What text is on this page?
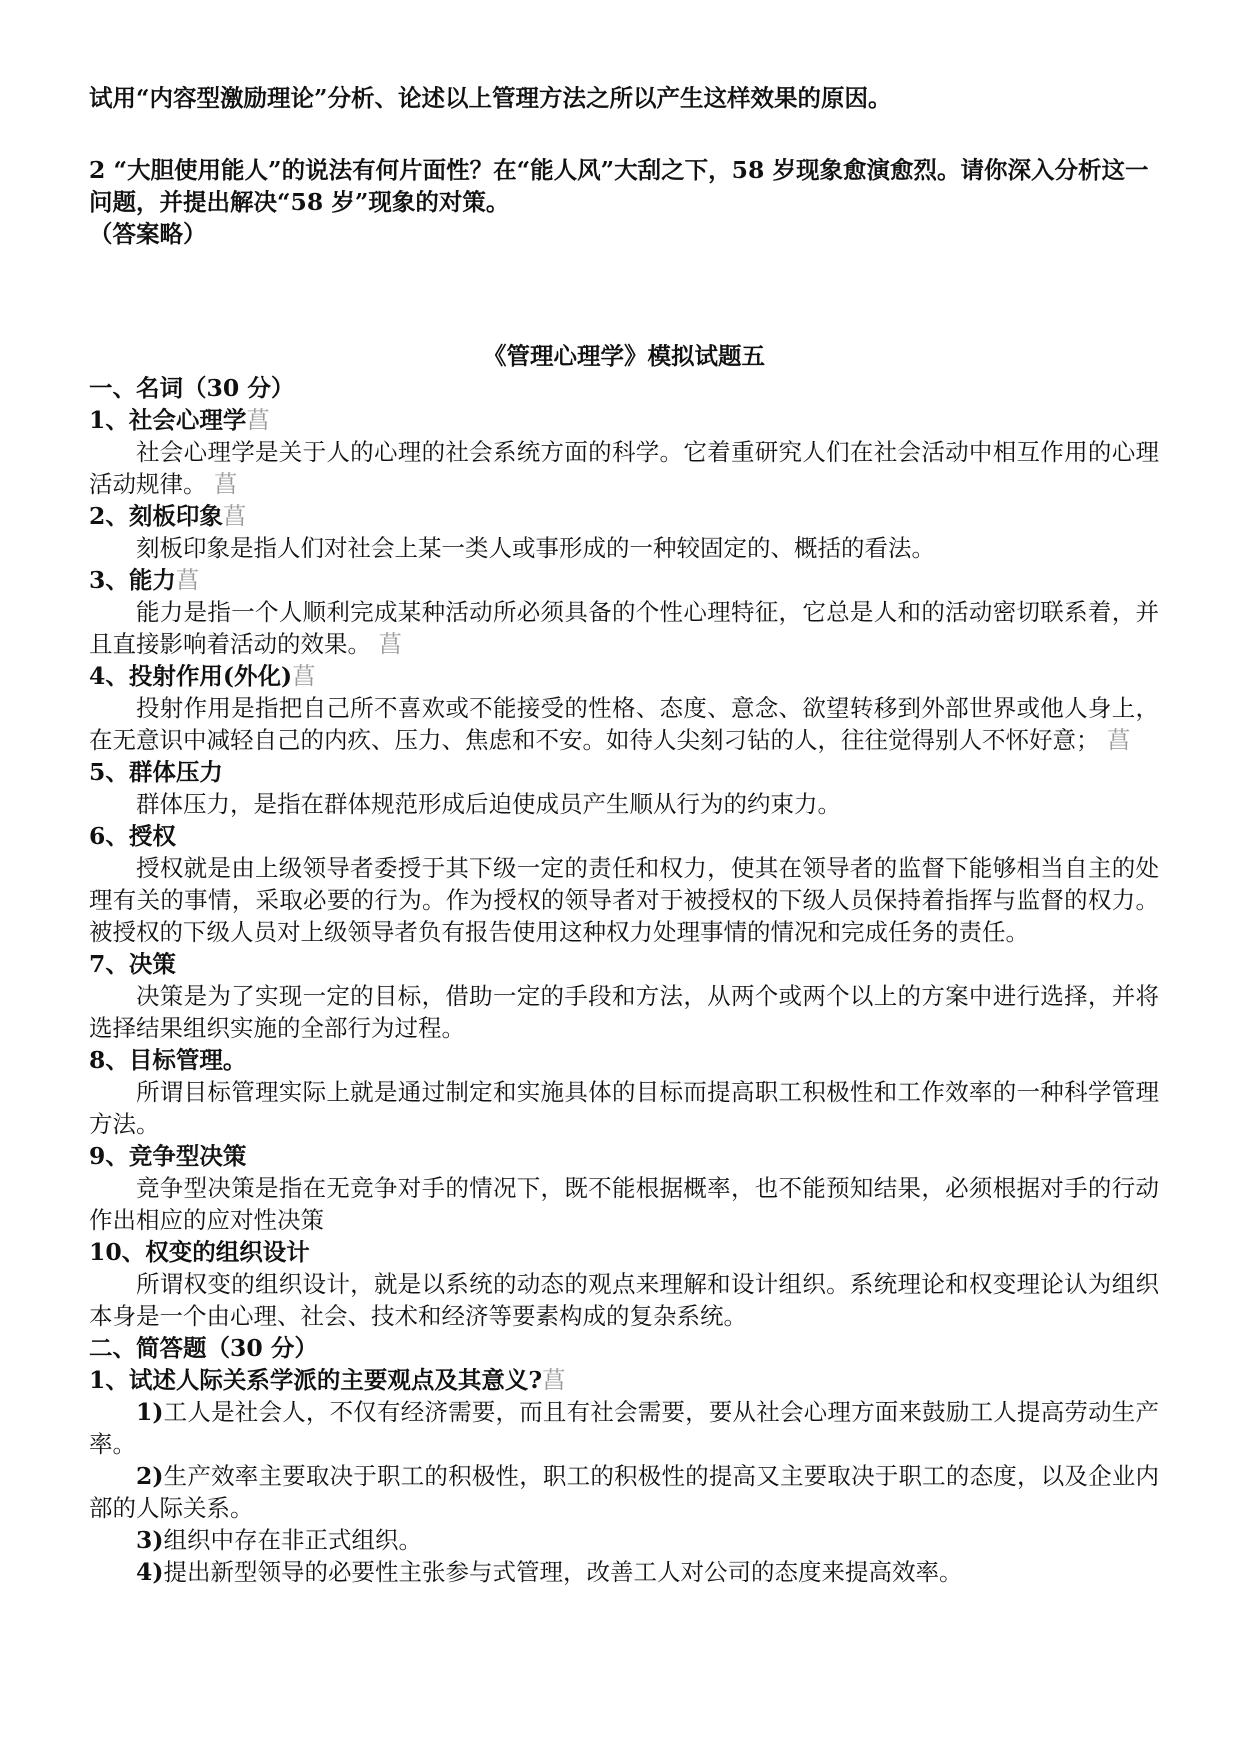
试用“内容型激励理论”分析、论述以上管理方法之所以产生这样效果的原因。

2 “大胆使用能人”的说法有何片面性？在“能人风”大刮之下，58 岁现象愈演愈烈。请你深入分析这一问题，并提出解决“58 岁”现象的对策。

（答案略）

《管理心理学》模拟试题五

一、名词（30 分）

1、社会心理学菖

社会心理学是关于人的心理的社会系统方面的科学。它着重研究人们在社会活动中相互作用的心理活动规律。 菖

2、刻板印象菖

刻板印象是指人们对社会上某一类人或事形成的一种较固定的、概括的看法。

3、能力菖

能力是指一个人顺利完成某种活动所必须具备的个性心理特征，它总是人和的活动密切联系着，并且直接影响着活动的效果。 菖

4、投射作用(外化)菖

投射作用是指把自己所不喜欢或不能接受的性格、态度、意念、欲望转移到外部世界或他人身上，在无意识中减轻自己的内疚、压力、焦虑和不安。如待人尖刻刁钻的人，往往觉得别人不怀好意； 菖

5、群体压力

群体压力，是指在群体规范形成后迫使成员产生顺从行为的约束力。

6、授权

授权就是由上级领导者委授于其下级一定的责任和权力，使其在领导者的监督下能够相当自主的处理有关的事情，采取必要的行为。作为授权的领导者对于被授权的下级人员保持着指挥与监督的权力。被授权的下级人员对上级领导者负有报告使用这种权力处理事情的情况和完成任务的责任。

7、决策

决策是为了实现一定的目标，借助一定的手段和方法，从两个或两个以上的方案中进行选择，并将选择结果组织实施的全部行为过程。

8、目标管理。

所谓目标管理实际上就是通过制定和实施具体的目标而提高职工积极性和工作效率的一种科学管理方法。

9、竞争型决策

竞争型决策是指在无竞争对手的情况下，既不能根据概率，也不能预知结果，必须根据对手的行动作出相应的应对性决策

10、权变的组织设计

所谓权变的组织设计，就是以系统的动态的观点来理解和设计组织。系统理论和权变理论认为组织本身是一个由心理、社会、技术和经济等要素构成的复杂系统。

二、简答题（30 分）

1、试述人际关系学派的主要观点及其意义?菖

1)工人是社会人，不仅有经济需要，而且有社会需要，要从社会心理方面来鼓励工人提高劳动生产率。

2)生产效率主要取决于职工的积极性，职工的积极性的提高又主要取决于职工的态度，以及企业内部的人际关系。

3)组织中存在非正式组织。

4)提出新型领导的必要性主张参与式管理，改善工人对公司的态度来提高效率。
